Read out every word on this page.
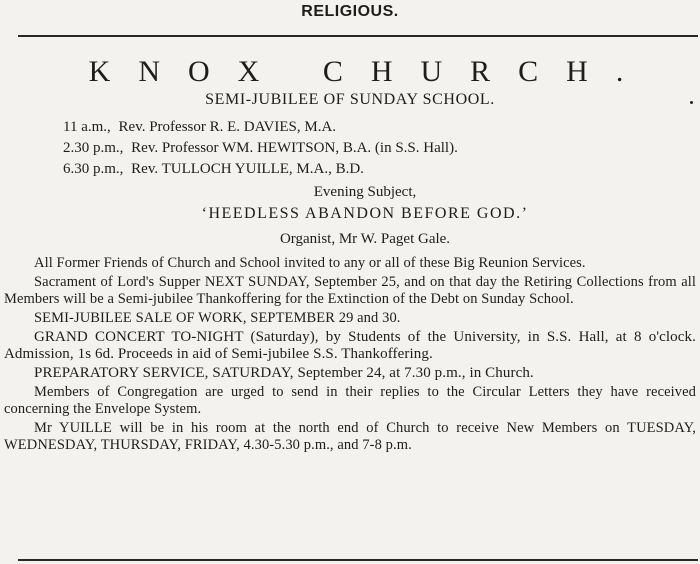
RELIGIOUS.
KNOX CHURCH.
SEMI-JUBILEE OF SUNDAY SCHOOL.
11 a.m., Rev. Professor R. E. DAVIES, M.A.
2.30 p.m., Rev. Professor WM. HEWITSON, B.A. (in S.S. Hall).
6.30 p.m., Rev. TULLOCH YUILLE, M.A., B.D.
Evening Subject,
‘HEEDLESS ABANDON BEFORE GOD.’
Organist, Mr W. Paget Gale.

All Former Friends of Church and School invited to any or all of these Big Reunion Services.

Sacrament of Lord's Supper NEXT SUNDAY, September 25, and on that day the Retiring Collections from all Members will be a Semi-jubilee Thankoffering for the Extinction of the Debt on Sunday School.

SEMI-JUBILEE SALE OF WORK, SEPTEMBER 29 and 30.

GRAND CONCERT TO-NIGHT (Saturday), by Students of the University, in S.S. Hall, at 8 o'clock. Admission, 1s 6d. Proceeds in aid of Semi-jubilee S.S. Thankoffering.

PREPARATORY SERVICE, SATURDAY, September 24, at 7.30 p.m., in Church.

Members of Congregation are urged to send in their replies to the Circular Letters they have received concerning the Envelope System.

Mr YUILLE will be in his room at the north end of Church to receive New Members on TUESDAY, WEDNESDAY, THURSDAY, FRIDAY, 4.30-5.30 p.m., and 7-8 p.m.
